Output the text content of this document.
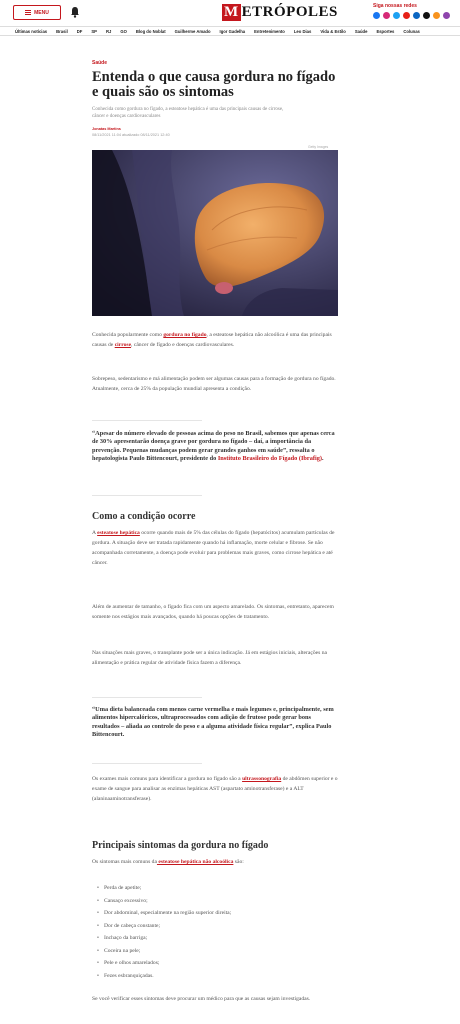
MENU	M ETRÓPOLES	Siga nossas redes
Últimas notícias Brasil DF SP RJ GO Blog do Noblat Guilherme Amado Igor Gadelha Entretenimento Leo Dias Vida & Estilo Saúde Esportes Colunas
Saúde
Entenda o que causa gordura no fígado e quais são os sintomas

Conhecida como gordura no fígado, a esteatose hepática é uma das principais causas de cirrose, câncer e doenças cardiovasculares

Jonatas Martins
08/11/2021 11:04 atualizado 08/11/2021 12:40
Getty Images

Conhecida popularmente como gordura no fígado, a esteatose hepática não alcoólica é uma das principais causas de cirrose, câncer de fígado e doenças cardiovasculares.

Sobrepeso, sedentarismo e má alimentação podem ser algumas causas para a formação de gordura no fígado. Atualmente, cerca de 25% da população mundial apresenta a condição.

“Apesar do número elevado de pessoas acima do peso no Brasil, sabemos que apenas cerca de 30% apresentarão doença grave por gordura no fígado – daí, a importância da prevenção. Pequenas mudanças podem gerar grandes ganhos em saúde”, ressalta o hepatologista Paulo Bittencourt, presidente do Instituto Brasileiro do Fígado (Ibrafig).

Como a condição ocorre

A esteatose hepática ocorre quando mais de 5% das células do fígado (hepatócitos) acumulam partículas de gordura. A situação deve ser tratada rapidamente quando há inflamação, morte celular e fibrose. Se não acompanhada corretamente, a doença pode evoluir para problemas mais graves, como cirrose hepática e até câncer.

Além de aumentar de tamanho, o fígado fica com um aspecto amarelado. Os sintomas, entretanto, aparecem somente nos estágios mais avançados, quando há poucas opções de tratamento.

Nas situações mais graves, o transplante pode ser a única indicação. Já em estágios iniciais, alterações na alimentação e prática regular de atividade física fazem a diferença.

“Uma dieta balanceada com menos carne vermelha e mais legumes e, principalmente, sem alimentos hipercalóricos, ultraprocessados com adição de frutose pode gerar bons resultados – aliada ao controle do peso e a alguma atividade física regular”, explica Paulo Bittencourt.

Os exames mais comuns para identificar a gordura no fígado são a ultrassonografia de abdômen superior e o exame de sangue para analisar as enzimas hepáticas AST (aspartato aminotransferase) e a ALT (alaninaaminotransferase).

Principais sintomas da gordura no fígado

Os sintomas mais comuns da esteatose hepática não alcoólica são:

• Perda de apetite;
• Cansaço excessivo;
• Dor abdominal, especialmente na região superior direita;
• Dor de cabeça constante;
• Inchaço da barriga;
• Coceira na pele;
• Pele e olhos amarelados;
• Fezes esbranquiçadas.

Se você verificar esses sintomas deve procurar um médico para que as causas sejam investigadas.
